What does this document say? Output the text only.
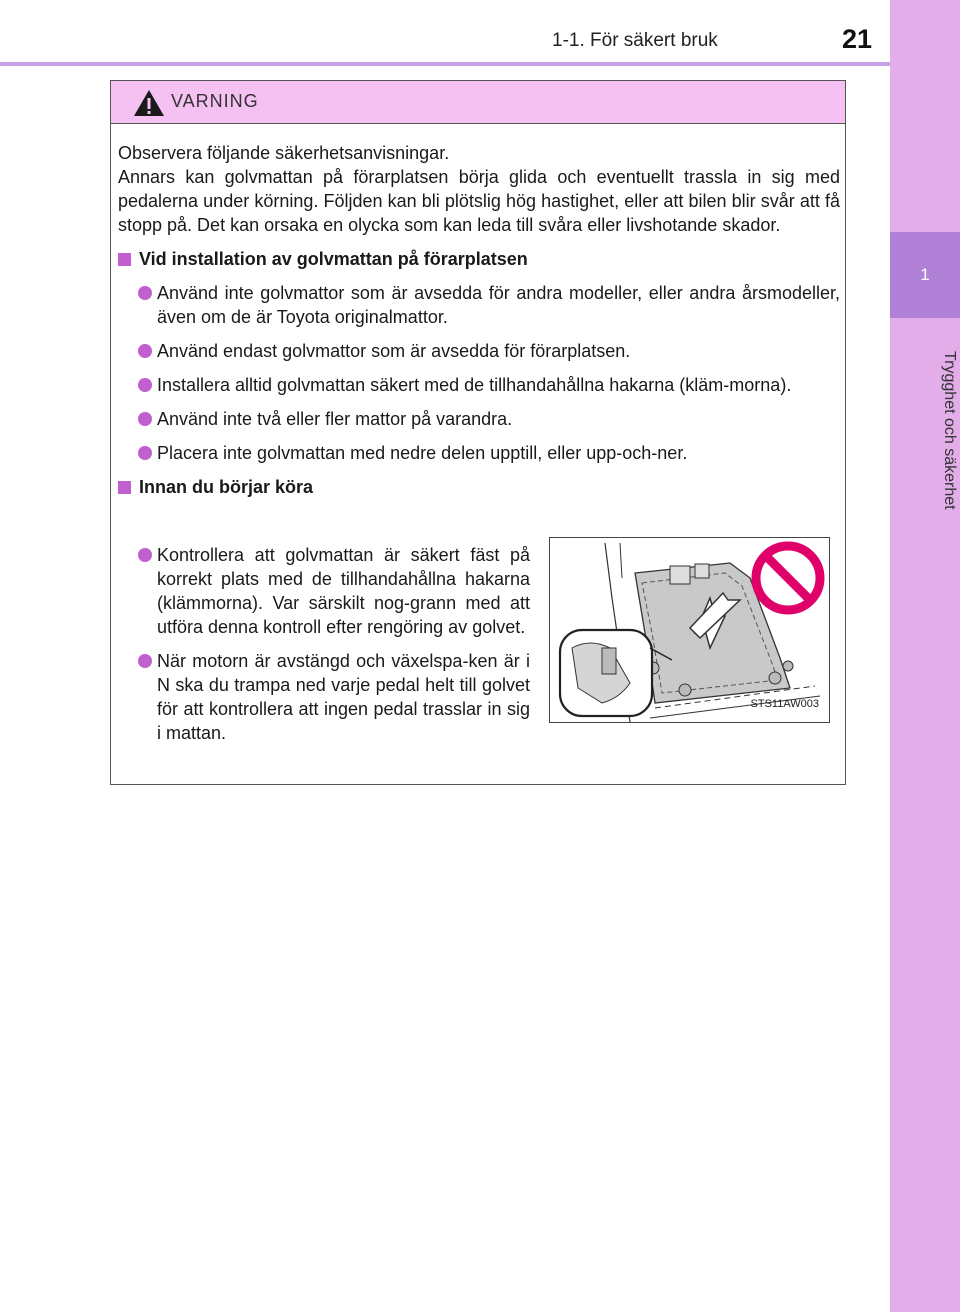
1-1. För säkert bruk	21
1
Trygghet och säkerhet
VARNING

Observera följande säkerhetsanvisningar.
Annars kan golvmattan på förarplatsen börja glida och eventuellt trassla in sig med pedalerna under körning. Följden kan bli plötslig hög hastighet, eller att bilen blir svår att få stopp på. Det kan orsaka en olycka som kan leda till svåra eller livshotande skador.

Vid installation av golvmattan på förarplatsen
Använd inte golvmattor som är avsedda för andra modeller, eller andra årsmodeller, även om de är Toyota originalmattor.
Använd endast golvmattor som är avsedda för förarplatsen.
Installera alltid golvmattan säkert med de tillhandahållna hakarna (kläm-morna).
Använd inte två eller fler mattor på varandra.
Placera inte golvmattan med nedre delen upptill, eller upp-och-ner.
Innan du börjar köra
Kontrollera att golvmattan är säkert fäst på korrekt plats med de tillhandahållna hakarna (klämmorna). Var särskilt nog-grann med att utföra denna kontroll efter rengöring av golvet.
När motorn är avstängd och växelspa-ken är i N ska du trampa ned varje pedal helt till golvet för att kontrollera att ingen pedal trasslar in sig i mattan.
STS11AW003
